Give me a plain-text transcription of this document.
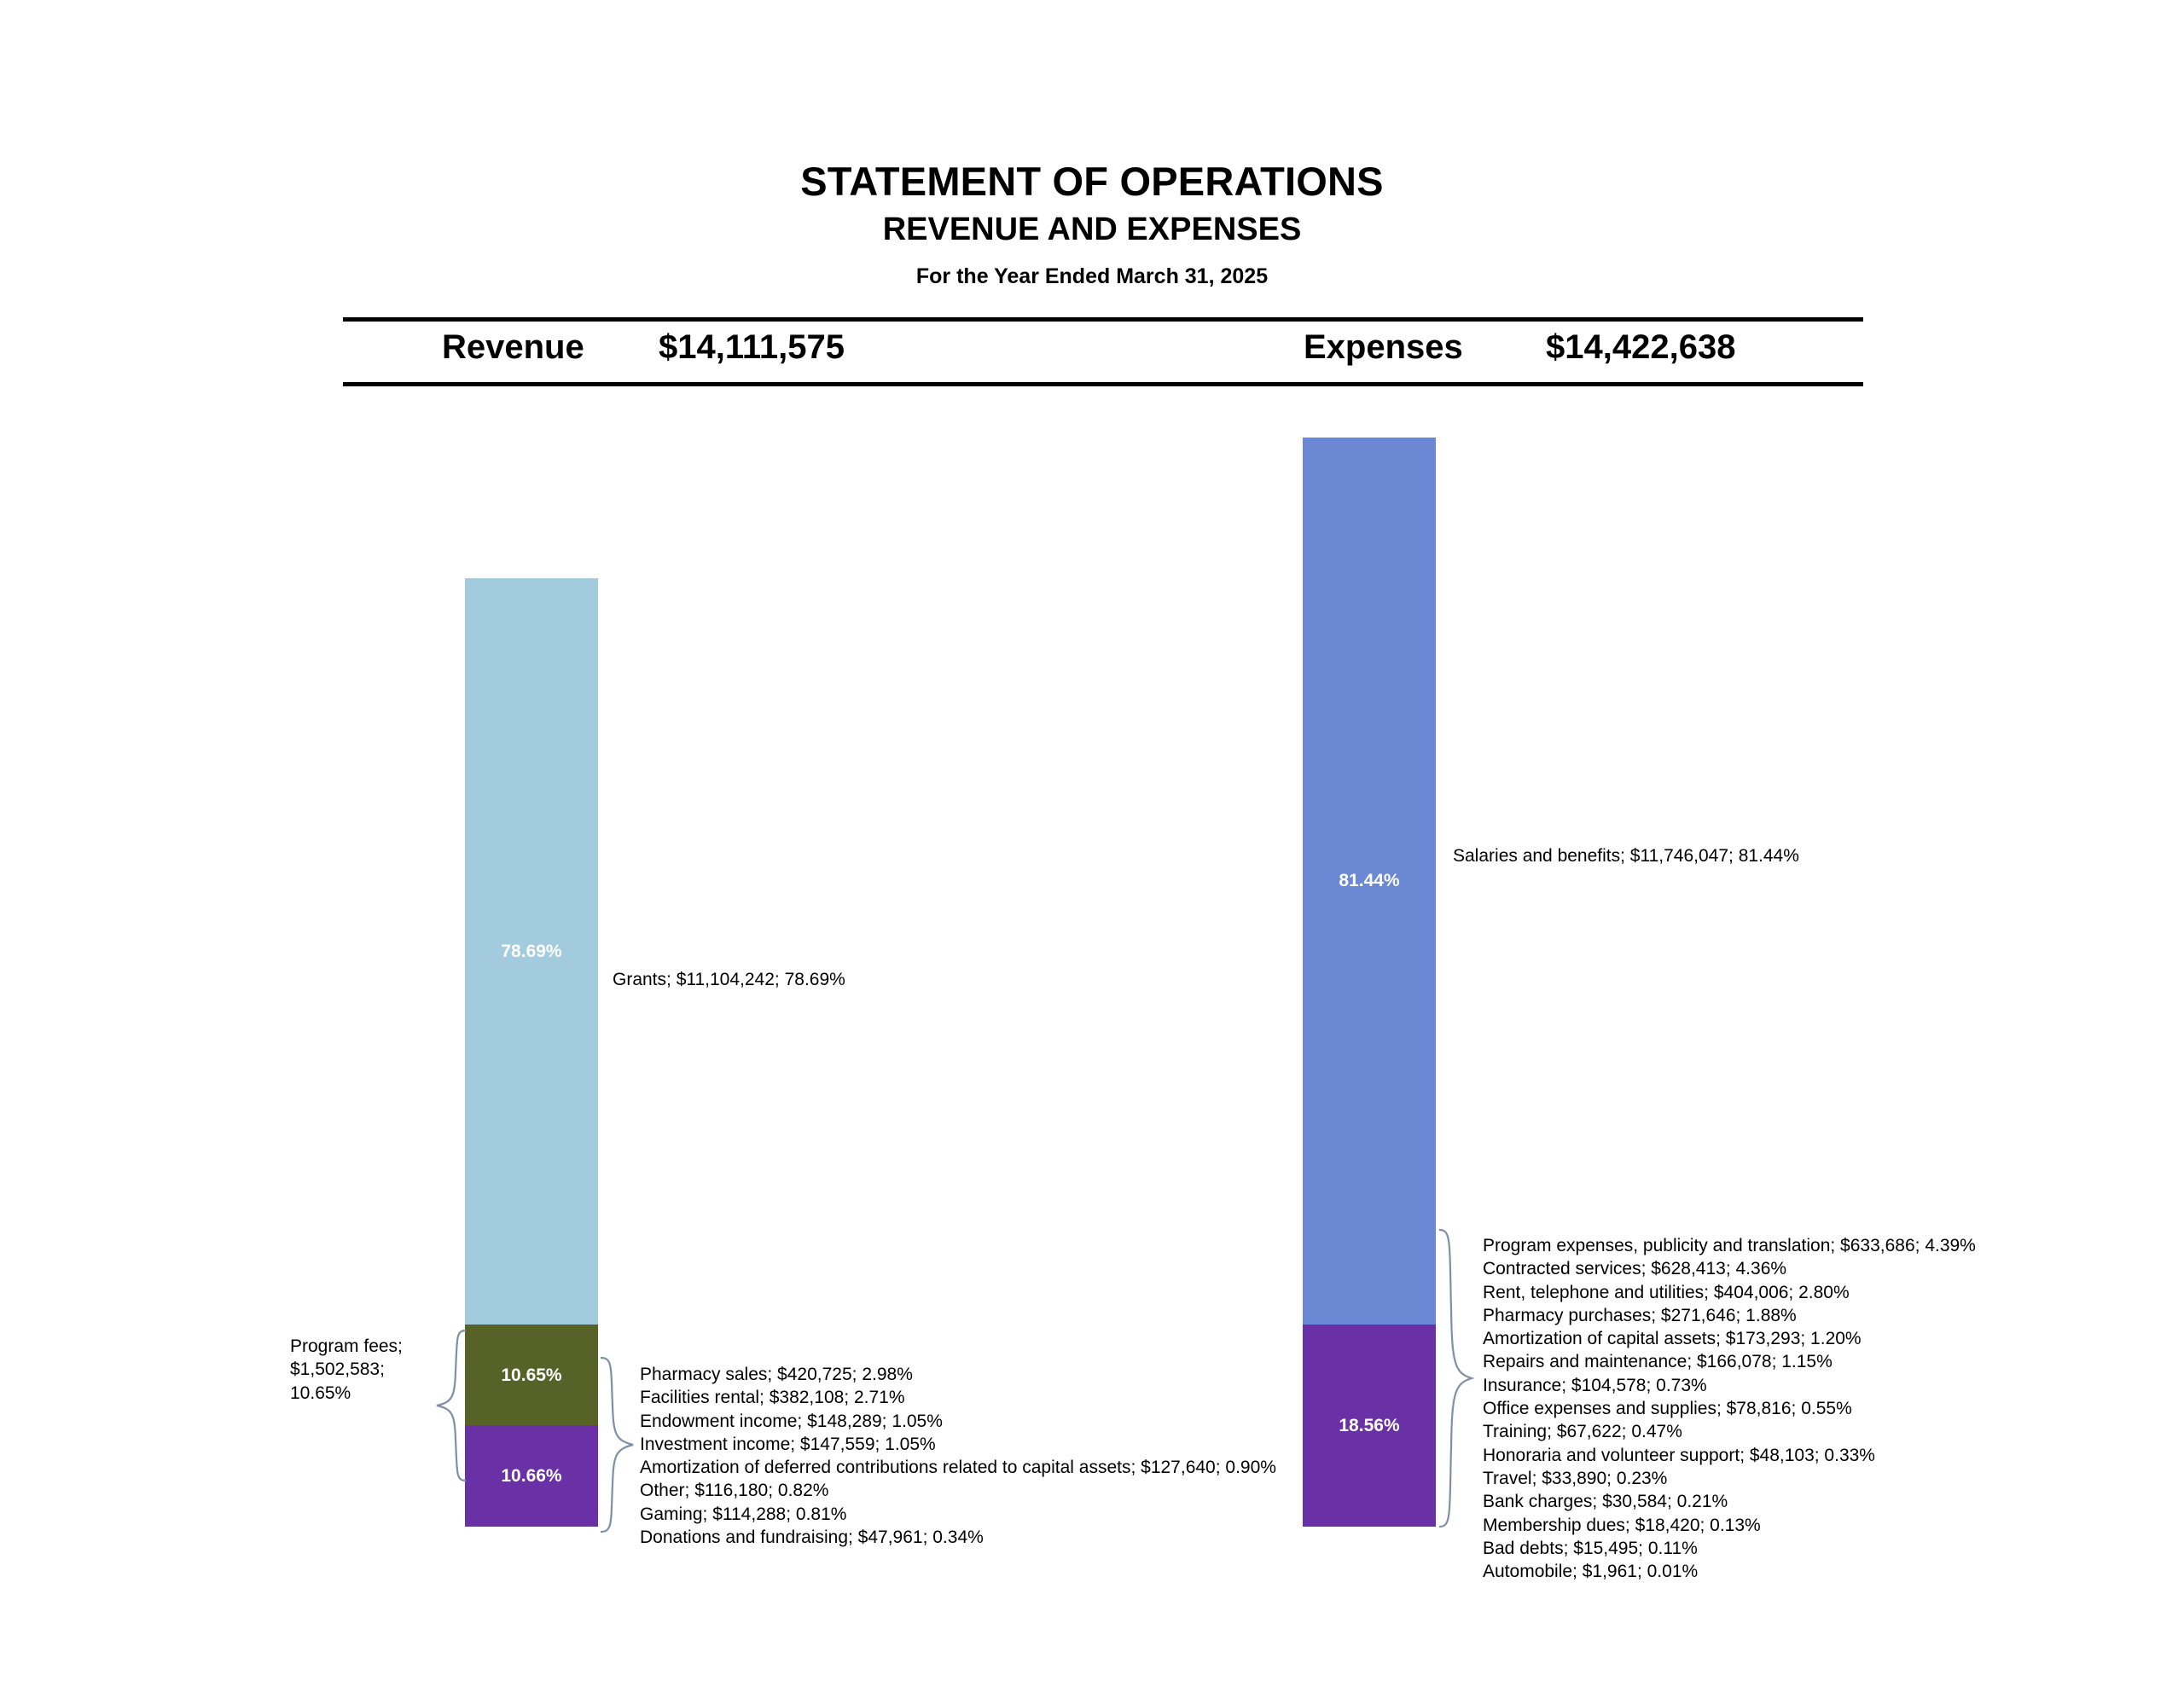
STATEMENT OF OPERATIONS
REVENUE AND EXPENSES
For the Year Ended March 31, 2025
Revenue $14,111,575	Expenses $14,422,638
78.69%
10.65%
10.66%
81.44%
18.56%
Grants; $11,104,242; 78.69%
Salaries and benefits; $11,746,047; 81.44%
Program fees;
$1,502,583; 10.65%
Pharmacy sales; $420,725; 2.98%
Facilities rental; $382,108; 2.71%
Endowment income; $148,289; 1.05%
Investment income; $147,559; 1.05%
Amortization of deferred contributions related to capital assets; $127,640; 0.90%
Other; $116,180; 0.82%
Gaming; $114,288; 0.81%
Donations and fundraising; $47,961; 0.34%
Program expenses, publicity and translation; $633,686; 4.39%
Contracted services; $628,413; 4.36%
Rent, telephone and utilities; $404,006; 2.80%
Pharmacy purchases; $271,646; 1.88%
Amortization of capital assets; $173,293; 1.20%
Repairs and maintenance; $166,078; 1.15%
Insurance; $104,578; 0.73%
Office expenses and supplies; $78,816; 0.55%
Training; $67,622; 0.47%
Honoraria and volunteer support; $48,103; 0.33%
Travel; $33,890; 0.23%
Bank charges; $30,584; 0.21%
Membership dues; $18,420; 0.13%
Bad debts; $15,495; 0.11%
Automobile; $1,961; 0.01%
